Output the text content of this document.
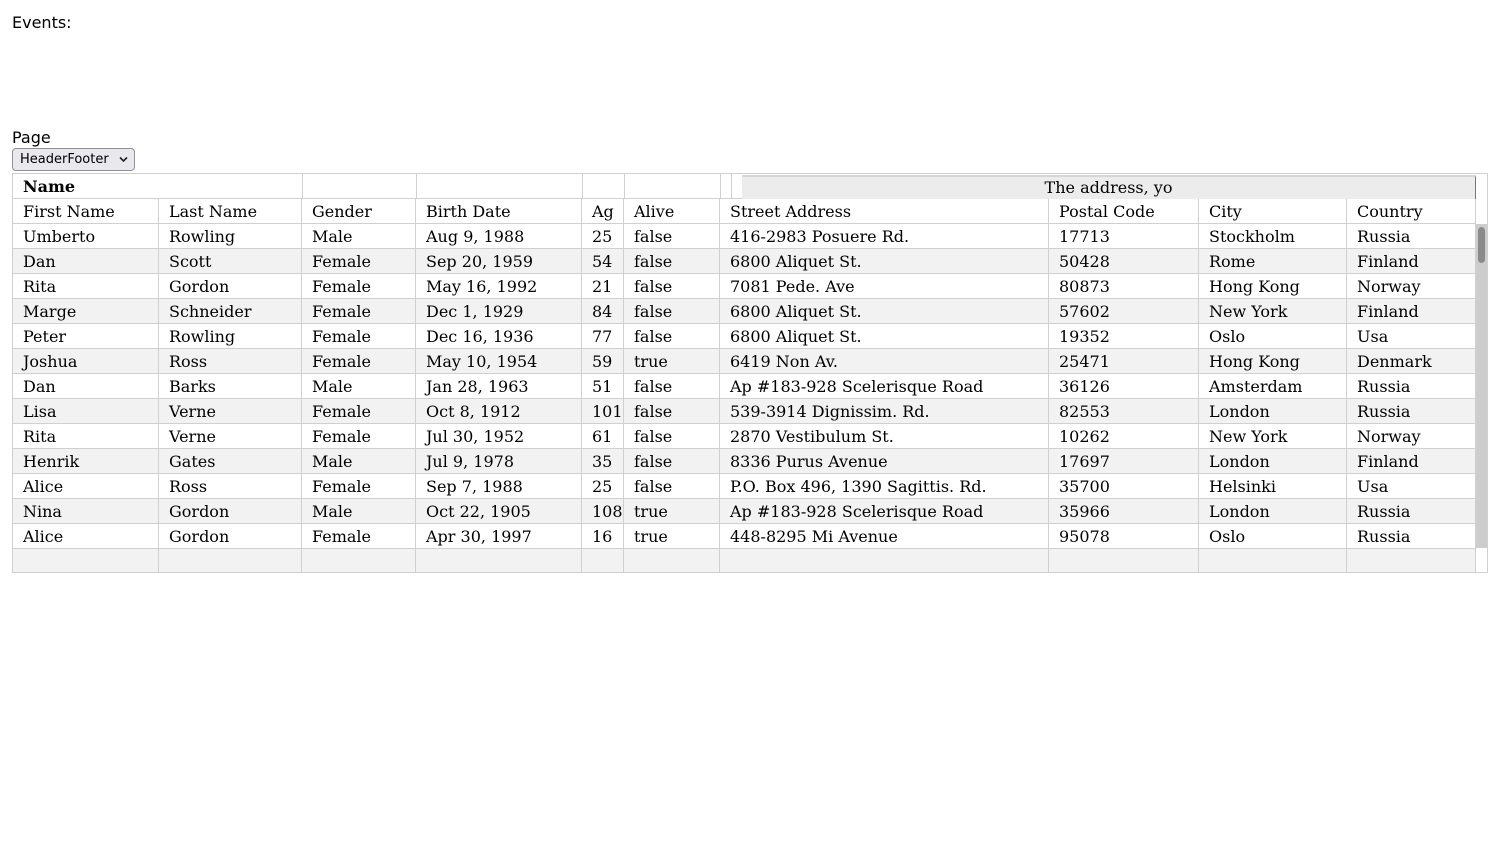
Events:
Page
HeaderFooter
Name	The address, yo
First Name	Last Name	Gender	Birth Date	Ag	Alive	Street Address	Postal Code	City	Country
Umberto	Rowling	Male	Aug 9, 1988	25	false	416-2983 Posuere Rd.	17713	Stockholm	Russia
Dan	Scott	Female	Sep 20, 1959	54	false	6800 Aliquet St.	50428	Rome	Finland
Rita	Gordon	Female	May 16, 1992	21	false	7081 Pede. Ave	80873	Hong Kong	Norway
Marge	Schneider	Female	Dec 1, 1929	84	false	6800 Aliquet St.	57602	New York	Finland
Peter	Rowling	Female	Dec 16, 1936	77	false	6800 Aliquet St.	19352	Oslo	Usa
Joshua	Ross	Female	May 10, 1954	59	true	6419 Non Av.	25471	Hong Kong	Denmark
Dan	Barks	Male	Jan 28, 1963	51	false	Ap #183-928 Scelerisque Road	36126	Amsterdam	Russia
Lisa	Verne	Female	Oct 8, 1912	101 false	539-3914 Dignissim. Rd.	82553	London	Russia
Rita	Verne	Female	Jul 30, 1952	61	false	2870 Vestibulum St.	10262	New York	Norway
Henrik	Gates	Male	Jul 9, 1978	35	false	8336 Purus Avenue	17697	London	Finland
Alice	Ross	Female	Sep 7, 1988	25	false	P.O. Box 496, 1390 Sagittis. Rd.	35700	Helsinki	Usa
Nina	Gordon	Male	Oct 22, 1905	108 true	Ap #183-928 Scelerisque Road	35966	London	Russia
Alice	Gordon	Female	Apr 30, 1997	16	true	448-8295 Mi Avenue	95078	Oslo	Russia
